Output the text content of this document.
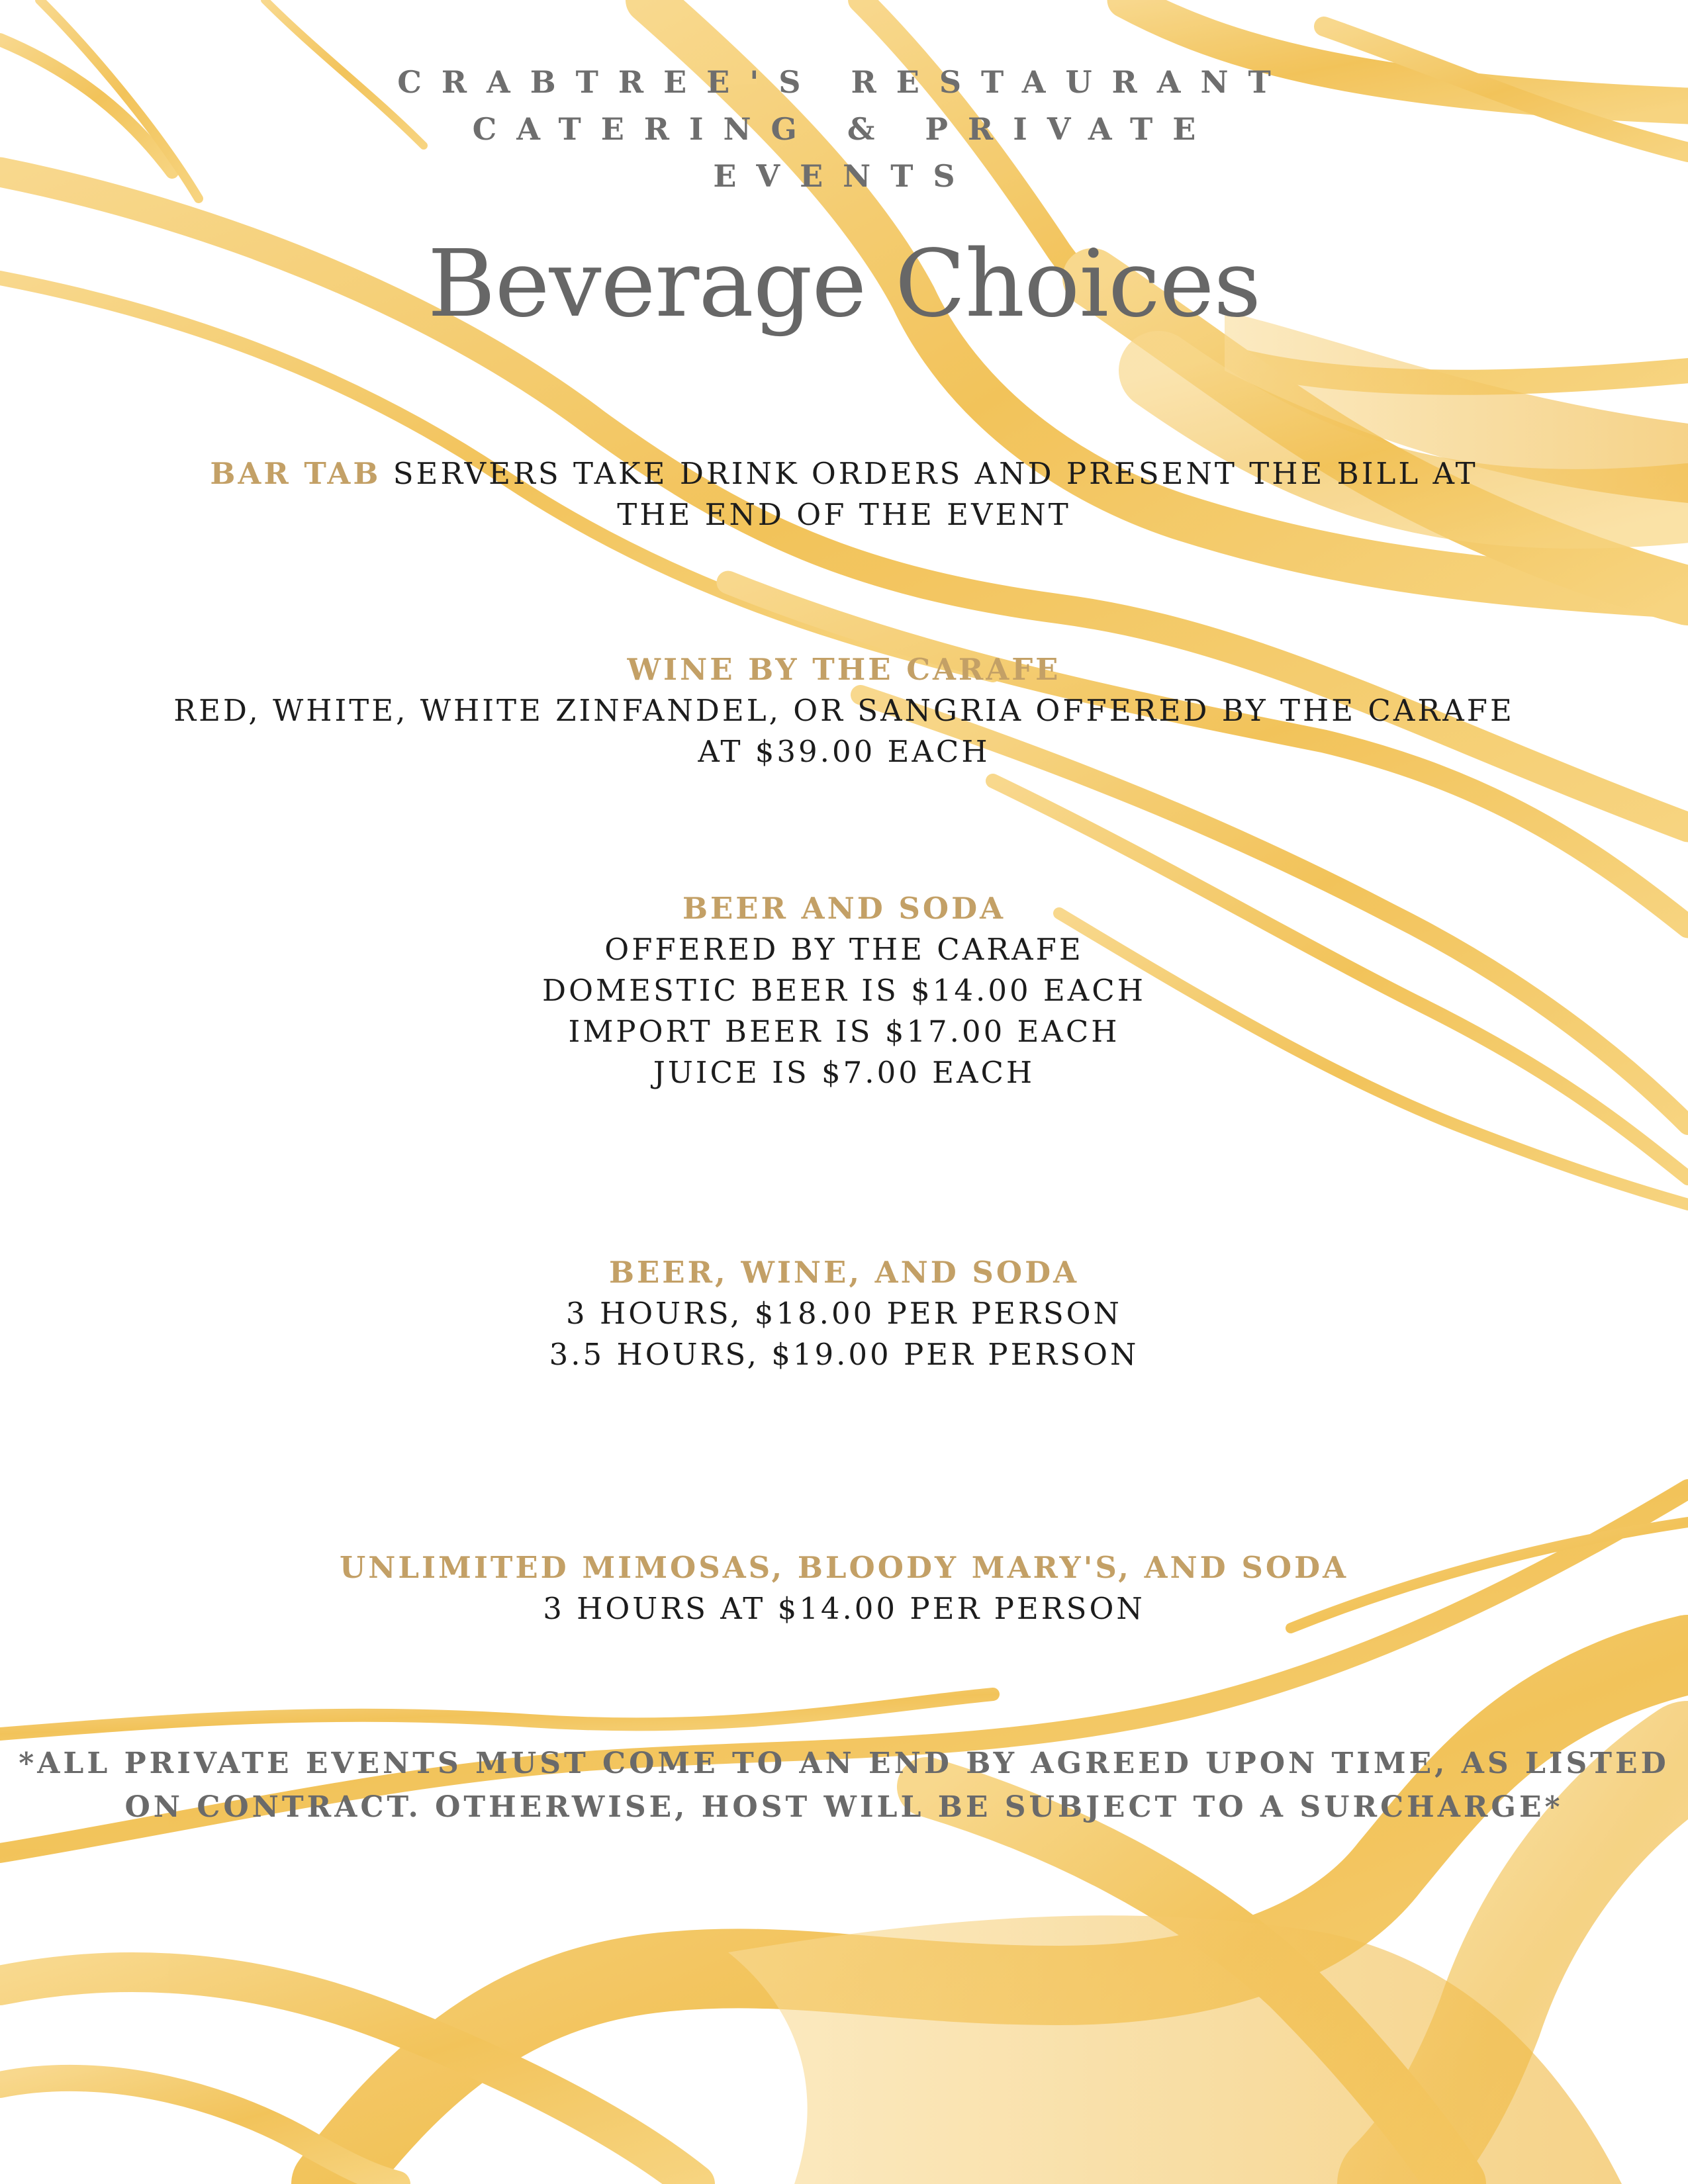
CRABTREE'S RESTAURANT
CATERING & PRIVATE
EVENTS
Beverage Choices
BAR TAB SERVERS TAKE DRINK ORDERS AND PRESENT THE BILL AT
THE END OF THE EVENT
WINE BY THE CARAFE
RED, WHITE, WHITE ZINFANDEL, OR SANGRIA OFFERED BY THE CARAFE
AT $39.00 EACH
BEER AND SODA
OFFERED BY THE CARAFE
DOMESTIC BEER IS $14.00 EACH
IMPORT BEER IS $17.00 EACH
JUICE IS $7.00 EACH
BEER, WINE, AND SODA
3 HOURS, $18.00 PER PERSON
3.5 HOURS, $19.00 PER PERSON
UNLIMITED MIMOSAS, BLOODY MARY'S, AND SODA
3 HOURS AT $14.00 PER PERSON
*ALL PRIVATE EVENTS MUST COME TO AN END BY AGREED UPON TIME, AS LISTED
ON CONTRACT. OTHERWISE, HOST WILL BE SUBJECT TO A SURCHARGE*
